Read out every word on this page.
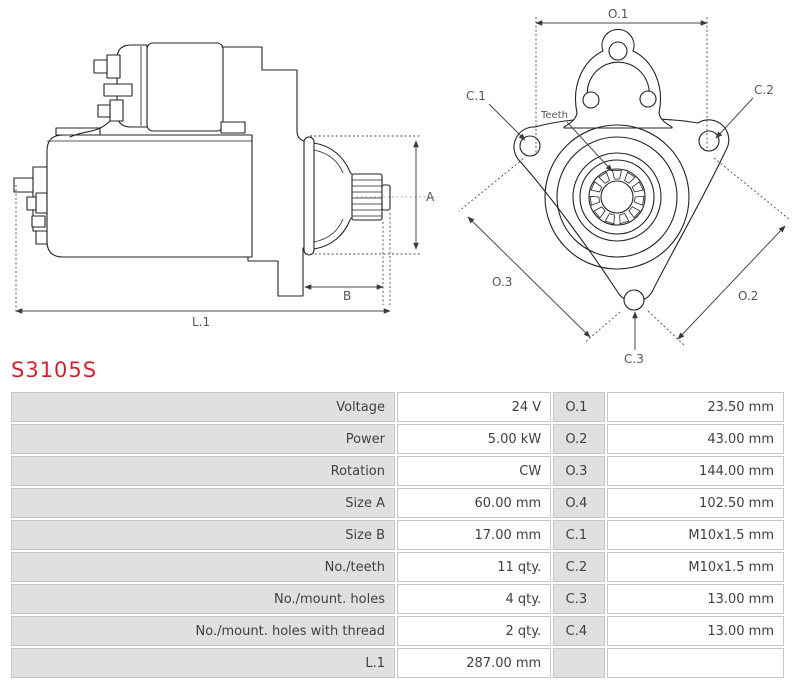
A
B
L.1
O.1
C.1	C.2
Teeth
O.3
O.2
C.3
S3105S
Voltage	24 V	O.1	23.50 mm
Power	5.00 kW	O.2	43.00 mm
Rotation	CW	O.3	144.00 mm
Size A	60.00 mm	O.4	102.50 mm
Size B	17.00 mm	C.1	M10x1.5 mm
No./teeth	11 qty.	C.2	M10x1.5 mm
No./mount. holes	4 qty.	C.3	13.00 mm
No./mount. holes with thread	2 qty.	C.4	13.00 mm
L.1	287.00 mm		
